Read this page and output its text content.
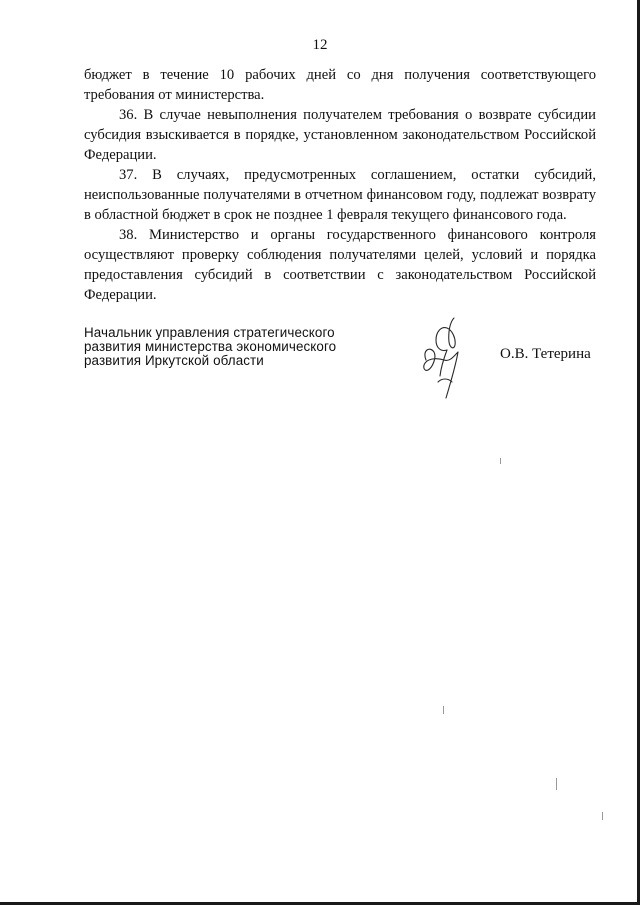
12

бюджет в течение 10 рабочих дней со дня получения соответствующего требования от министерства.

36. В случае невыполнения получателем требования о возврате субсидии субсидия взыскивается в порядке, установленном законодательством Российской Федерации.

37. В случаях, предусмотренных соглашением, остатки субсидий, неиспользованные получателями в отчетном финансовом году, подлежат возврату в областной бюджет в срок не позднее 1 февраля текущего финансового года.

38. Министерство и органы государственного финансового контроля осуществляют проверку соблюдения получателями целей, условий и порядка предоставления субсидий в соответствии с законодательством Российской Федерации.

Начальник управления стратегического
развития министерства экономического
развития Иркутской области	О.В. Тетерина
